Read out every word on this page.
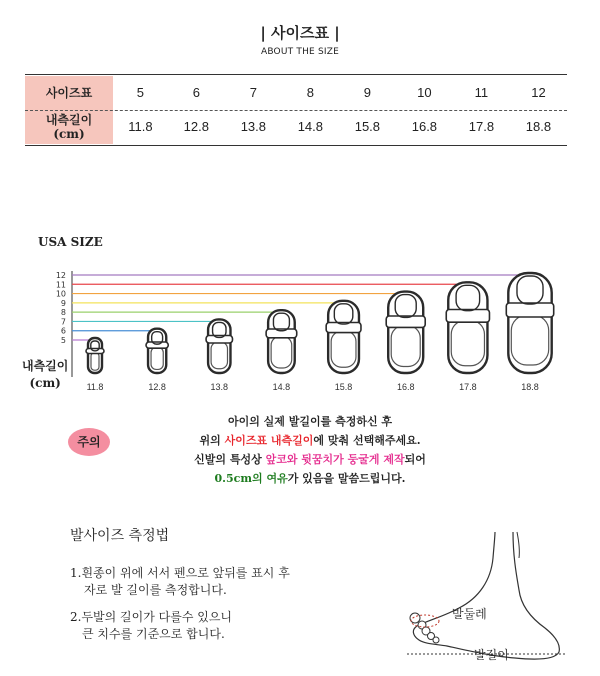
| 사이즈표 |
ABOUT THE SIZE
사이즈표	5	6	7	8	9	10	11	12
내측길이
(cm)	11.8	12.8	13.8	14.8	15.8	16.8	17.8	18.8
USA SIZE
내측길이
(cm)
5
11.8
6
12.8
7
13.8
8
14.8
9
15.8
10
16.8
11
17.8
12
18.8
주의

아이의 실제 발길이를 측정하신 후

위의 사이즈표 내측길이에 맞춰 선택해주세요.

신발의 특성상 앞코와 뒷꿈치가 둥굴게 제작되어

0.5cm의 여유가 있음을 말씀드립니다.

발사이즈 측정법

1.흰종이 위에 서서 펜으로 앞뒤를 표시 후

자로 발 길이를 측정합니다.

2.두발의 길이가 다를수 있으니

큰 치수를 기준으로 합니다.

발둘레
발길이
